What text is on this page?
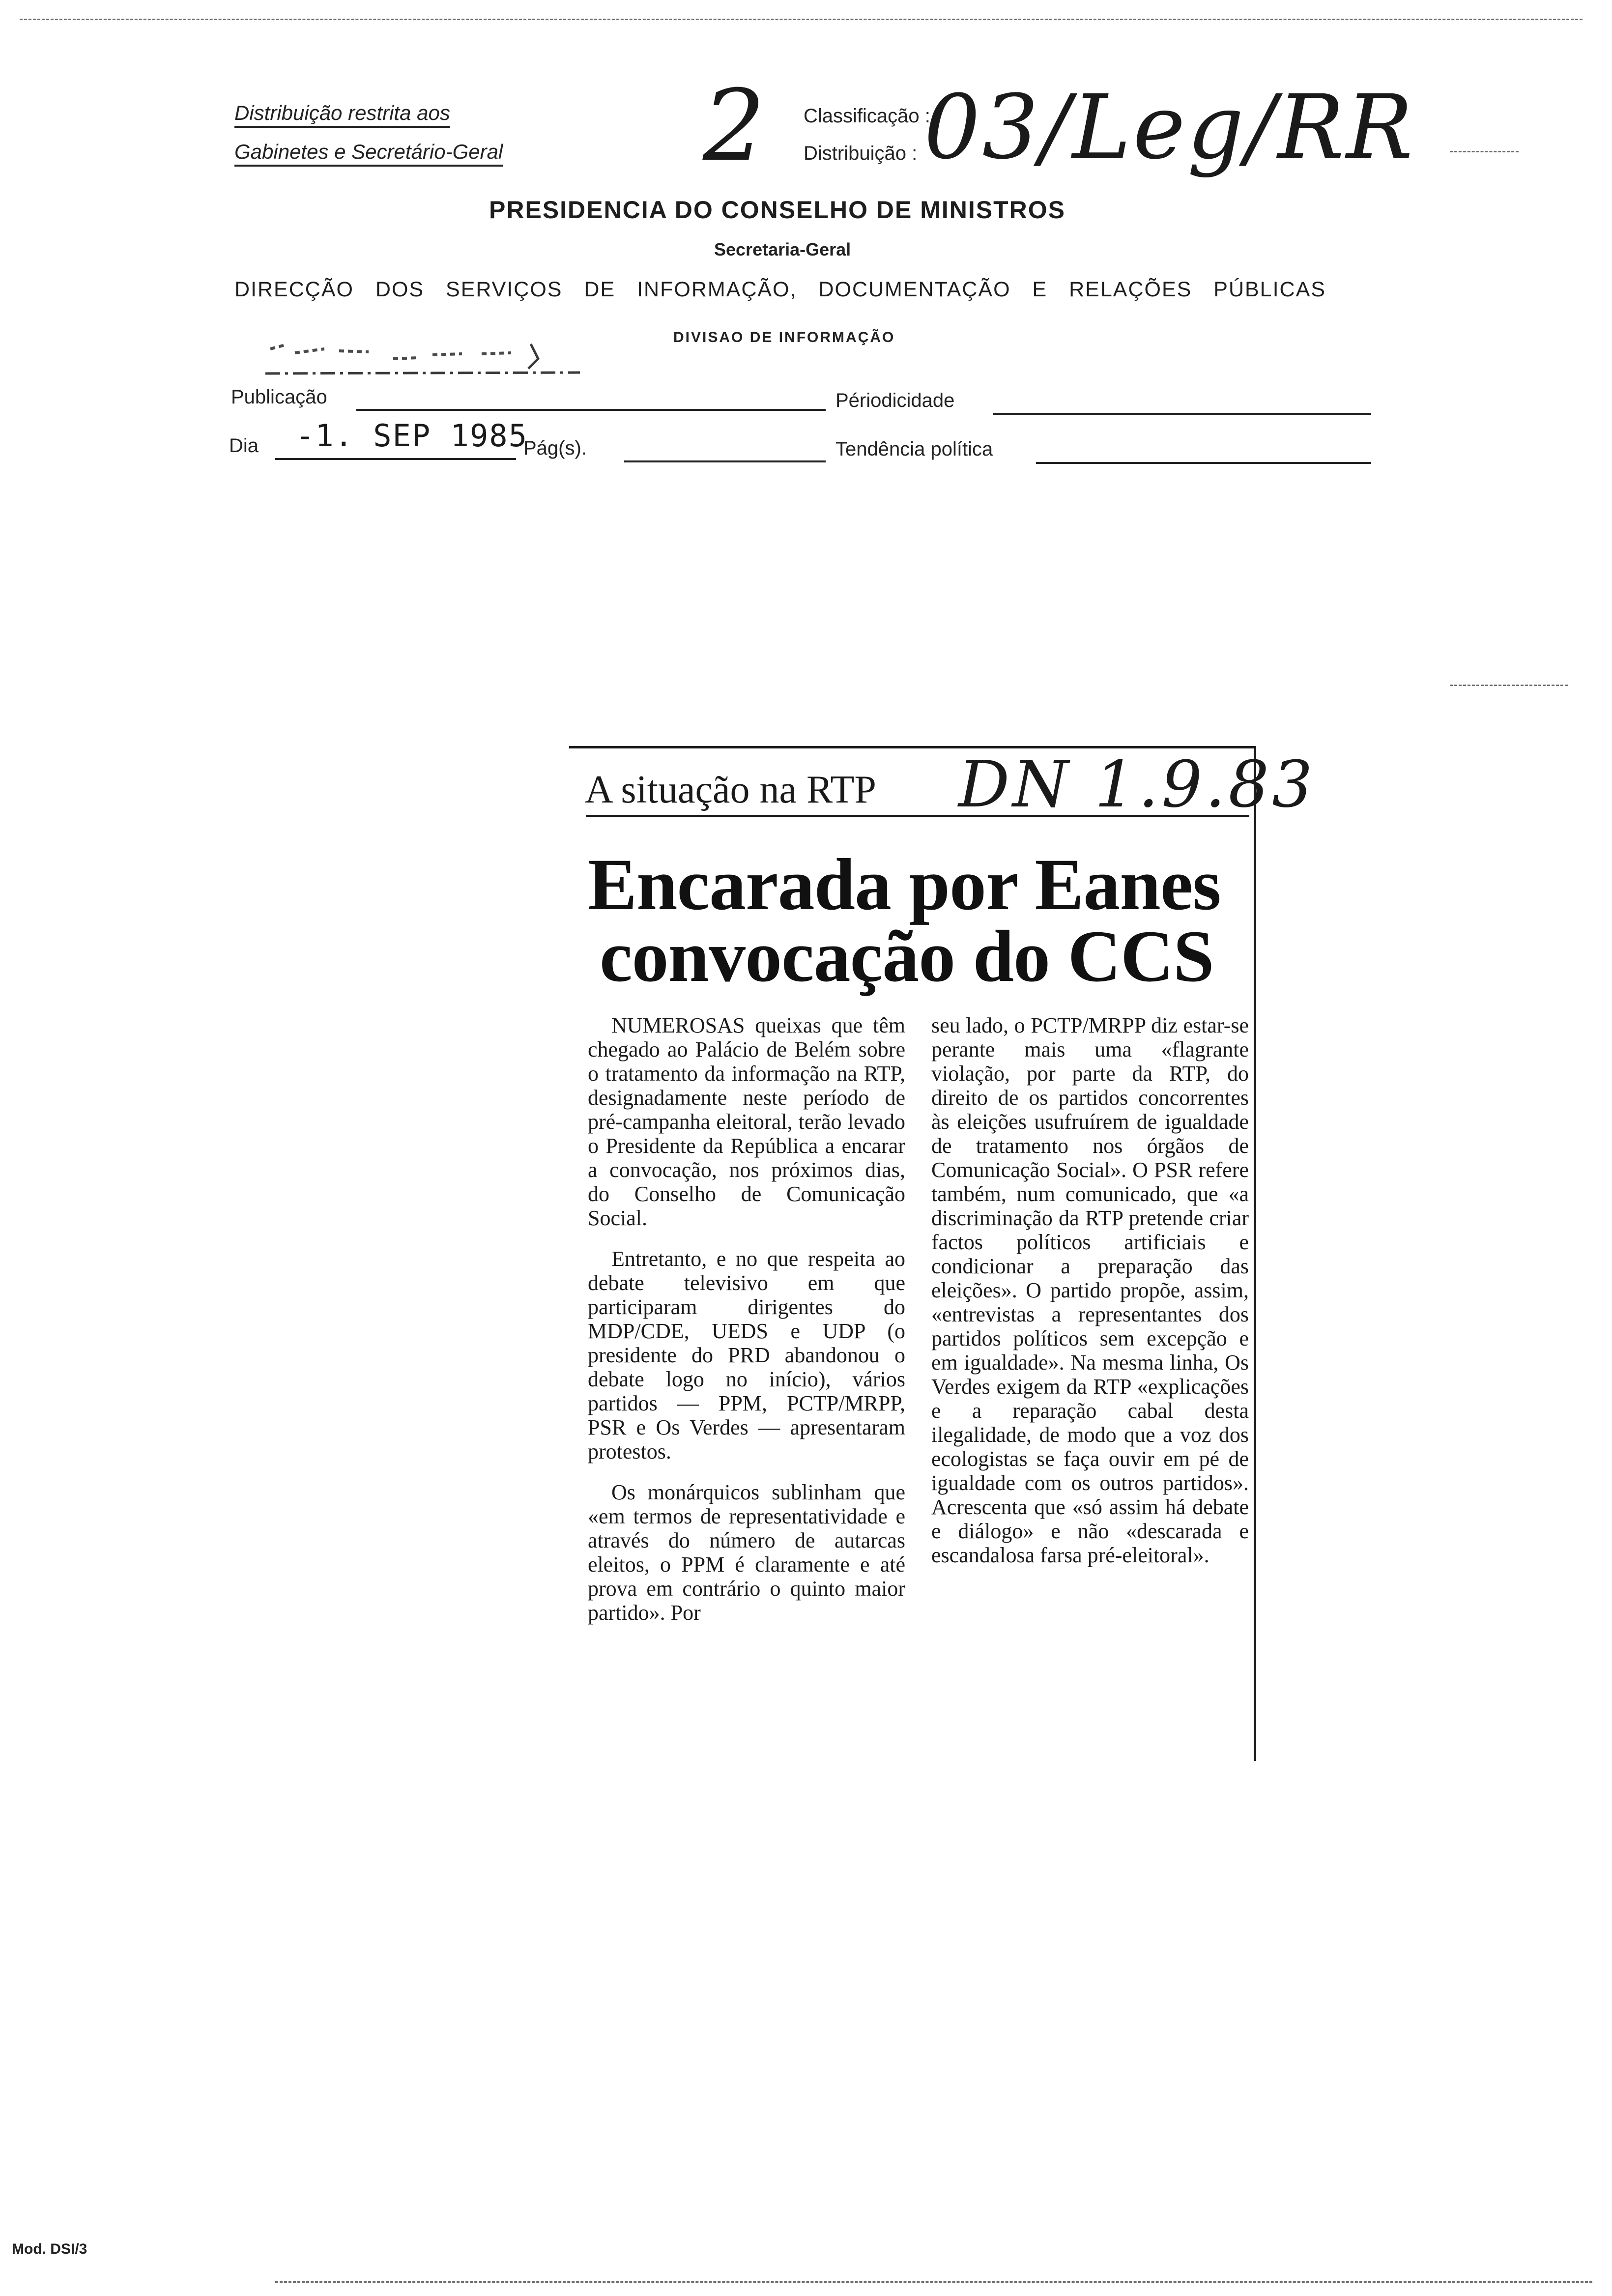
Distribuição restrita aos
Gabinetes e Secretário-Geral 2 Classificação :
Distribuição : 03/Leg/RR
PRESIDENCIA DO CONSELHO DE MINISTROS
Secretaria-Geral
DIRECÇÃO DOS SERVIÇOS DE INFORMAÇÃO, DOCUMENTAÇÃO E RELAÇÕES PÚBLICAS
DIVISAO DE INFORMAÇÃO
Publicação	Périodicidade
Dia -1. SEP 1985
Pág(s).	Tendência política
A situação na RTP DN 1.9.83
Encarada por Eanes
convocação do CCS

NUMEROSAS queixas que têm chegado ao Palácio de Belém sobre o tratamento da informação na RTP, designadamente neste período de pré-campanha eleitoral, terão levado o Presidente da República a encarar a convocação, nos próximos dias, do Conselho de Comunicação Social.

Entretanto, e no que respeita ao debate televisivo em que participaram dirigentes do MDP/CDE, UEDS e UDP (o presidente do PRD abandonou o debate logo no início), vários partidos — PPM, PCTP/MRPP, PSR e Os Verdes — apresentaram protestos.

Os monárquicos sublinham que «em termos de representatividade e através do número de autarcas eleitos, o PPM é claramente e até prova em contrário o quinto maior partido». Por

seu lado, o PCTP/MRPP diz estar-se perante mais uma «flagrante violação, por parte da RTP, do direito de os partidos concorrentes às eleições usufruírem de igualdade de tratamento nos órgãos de Comunicação Social». O PSR refere também, num comunicado, que «a discriminação da RTP pretende criar factos políticos artificiais e condicionar a preparação das eleições». O partido propõe, assim, «entrevistas a representantes dos partidos políticos sem excepção e em igualdade». Na mesma linha, Os Verdes exigem da RTP «explicações e a reparação cabal desta ilegalidade, de modo que a voz dos ecologistas se faça ouvir em pé de igualdade com os outros partidos». Acrescenta que «só assim há debate e diálogo» e não «descarada e escandalosa farsa pré-eleitoral».

Mod. DSI/3
